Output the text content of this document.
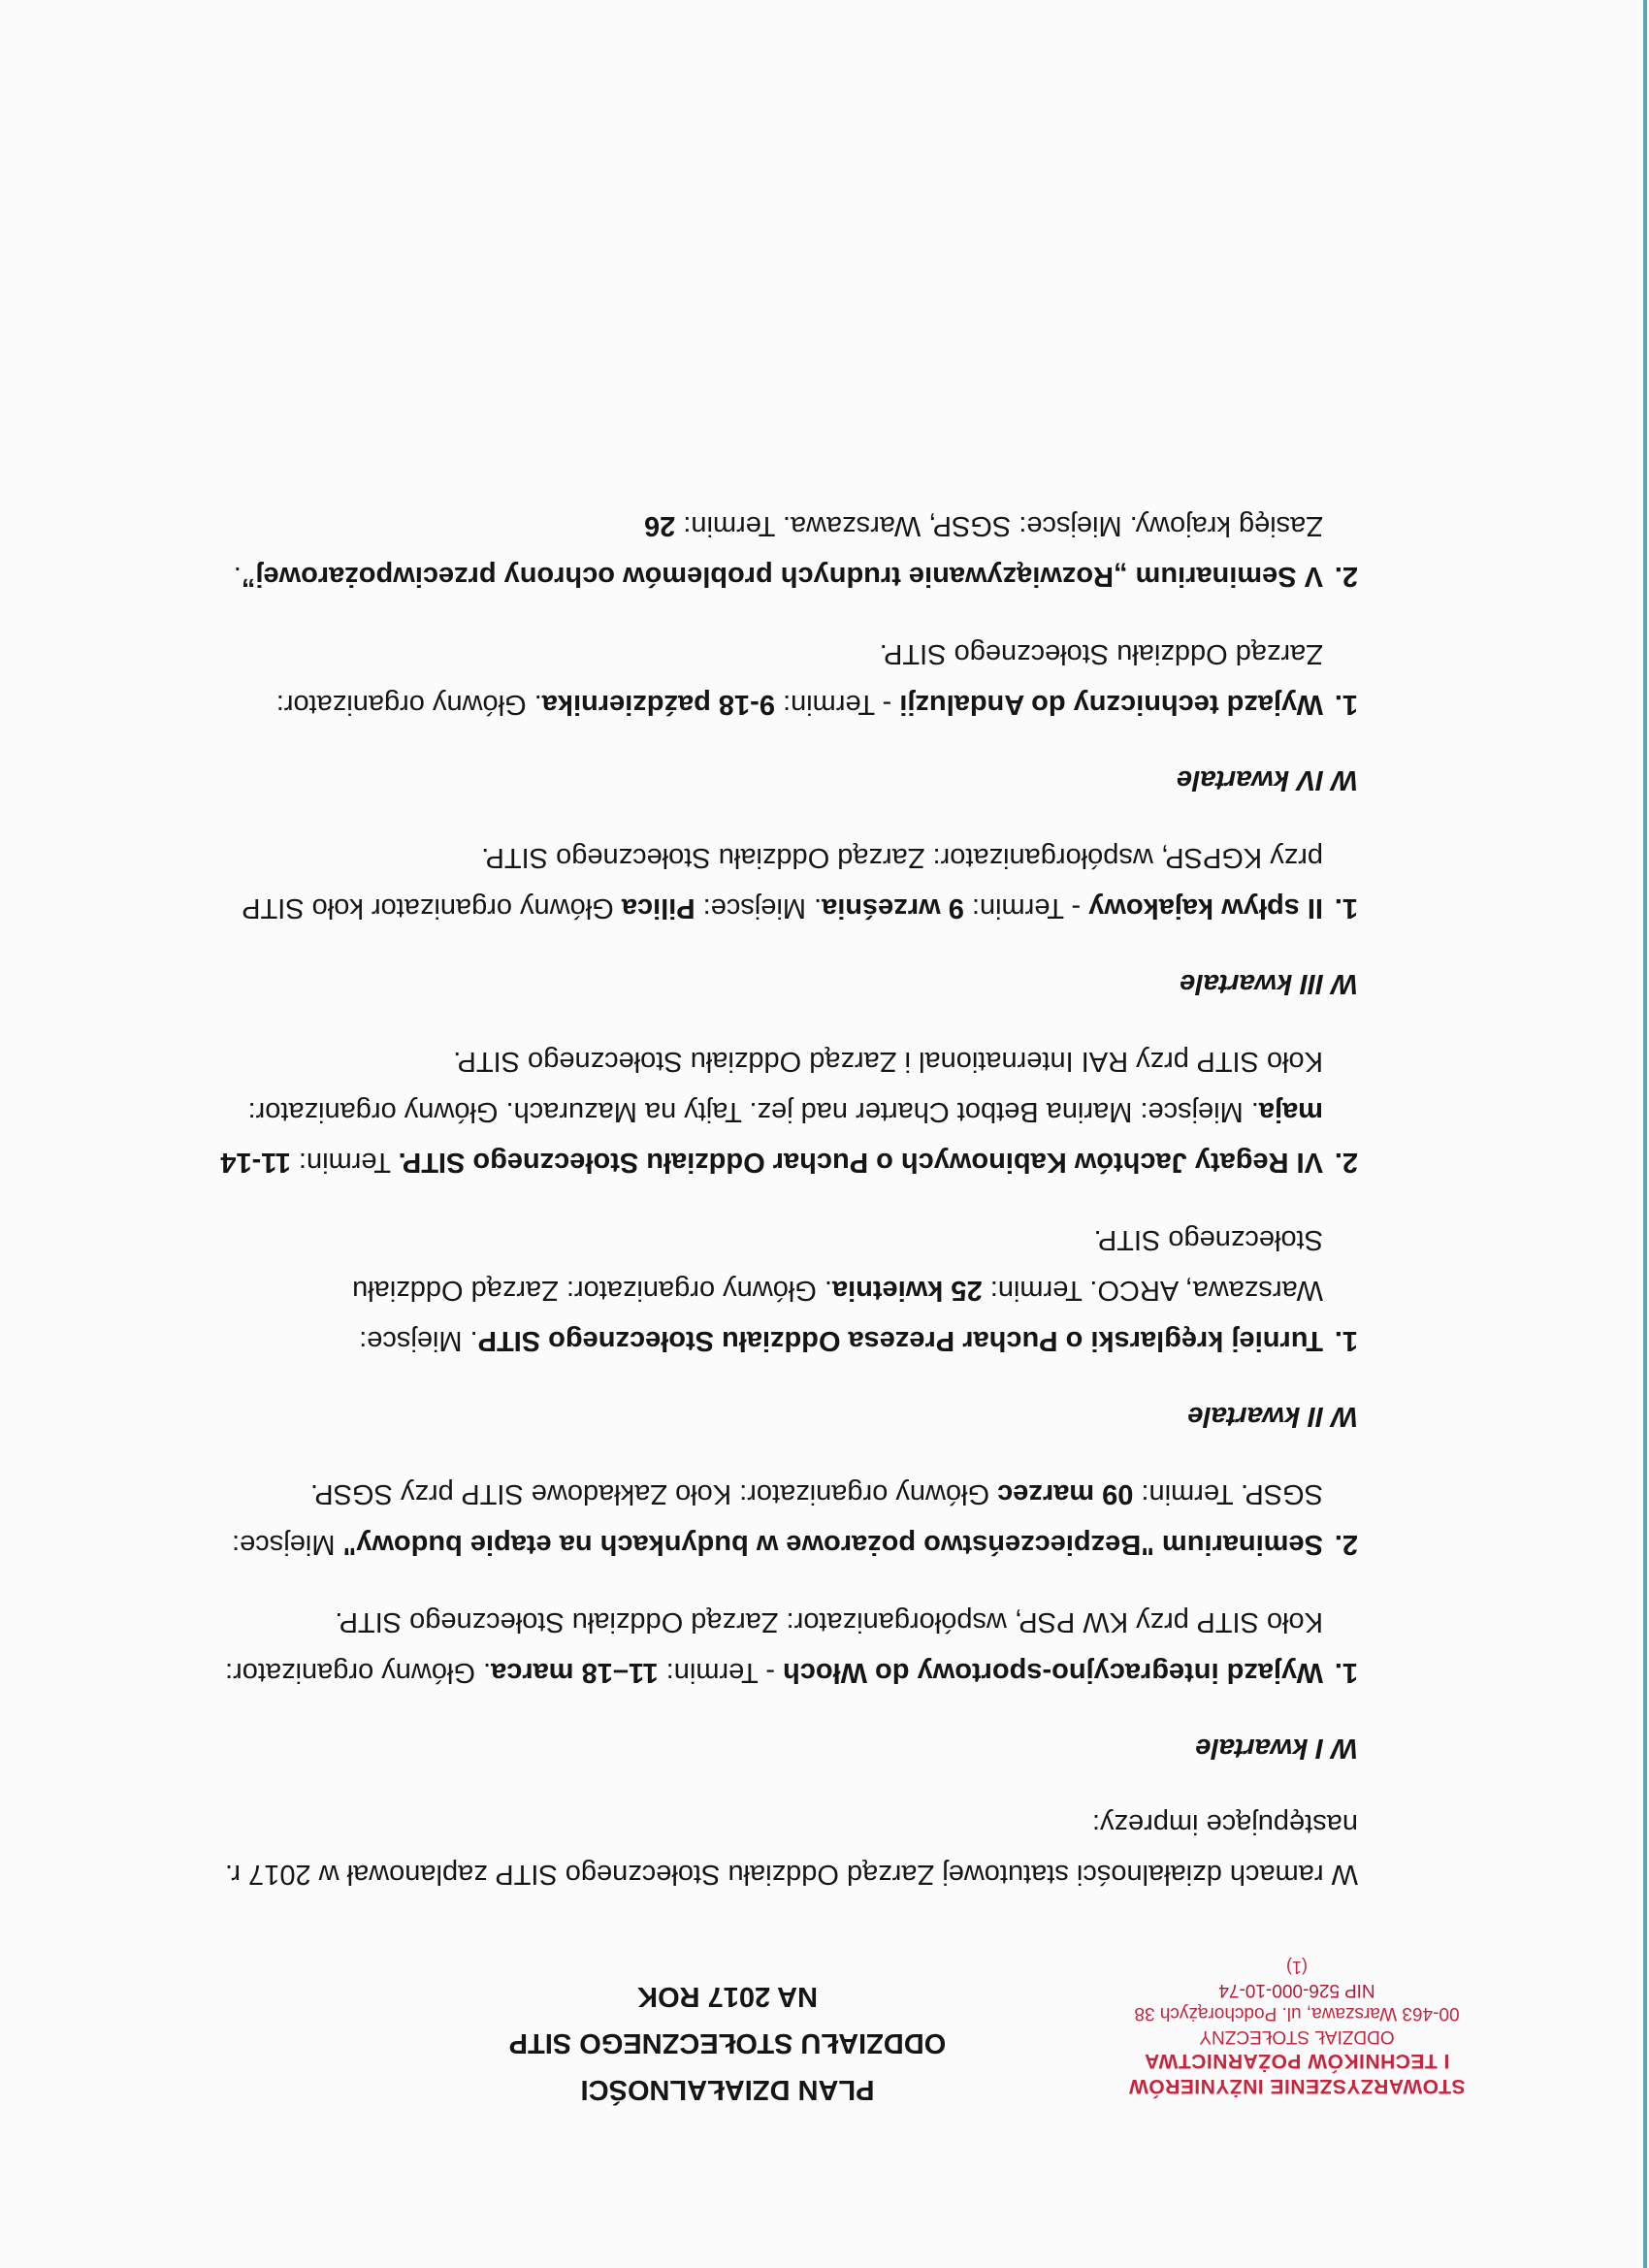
STOWARZYSZENIE INŻYNIERÓW
I TECHNIKÓW POŻARNICTWA
ODDZIAŁ STOŁECZNY
00-463 Warszawa, ul. Podchorążych 38
NIP 526-000-10-74
(1)
PLAN DZIAŁALNOŚCI
ODDZIAŁU STOŁECZNEGO SITP
NA 2017 ROK

W ramach działalności statutowej Zarząd Oddziału Stołecznego SITP zaplanował w 2017 r. następujące imprezy:

W I kwartale

1.
Wyjazd integracyjno-sportowy do Włoch - Termin: 11–18 marca. Główny organizator: Koło SITP przy KW PSP, współorganizator: Zarząd Oddziału Stołecznego SITP.
2.
Seminarium "Bezpieczeństwo pożarowe w budynkach na etapie budowy" Miejsce: SGSP. Termin: 09 marzec Główny organizator: Koło Zakładowe SITP przy SGSP.

W II kwartale

1.
Turniej kręglarski o Puchar Prezesa Oddziału Stołecznego SITP. Miejsce: Warszawa, ARCO. Termin: 25 kwietnia. Główny organizator: Zarząd Oddziału Stołecznego SITP.
2.
VI Regaty Jachtów Kabinowych o Puchar Oddziału Stołecznego SITP. Termin: 11-14 maja. Miejsce: Marina Betbot Charter nad jez. Tajty na Mazurach. Główny organizator: Koło SITP przy RAI International i Zarząd Oddziału Stołecznego SITP.

W III kwartale

1.
II spływ kajakowy - Termin: 9 września. Miejsce: Pilica Główny organizator koło SITP przy KGPSP, współorganizator: Zarząd Oddziału Stołecznego SITP.

W IV kwartale

1.
Wyjazd techniczny do Andaluzji - Termin: 9-18 października. Główny organizator: Zarząd Oddziału Stołecznego SITP.
2.
V Seminarium „Rozwiązywanie trudnych problemów ochrony przeciwpożarowej”. Zasięg krajowy. Miejsce: SGSP, Warszawa. Termin: 26
